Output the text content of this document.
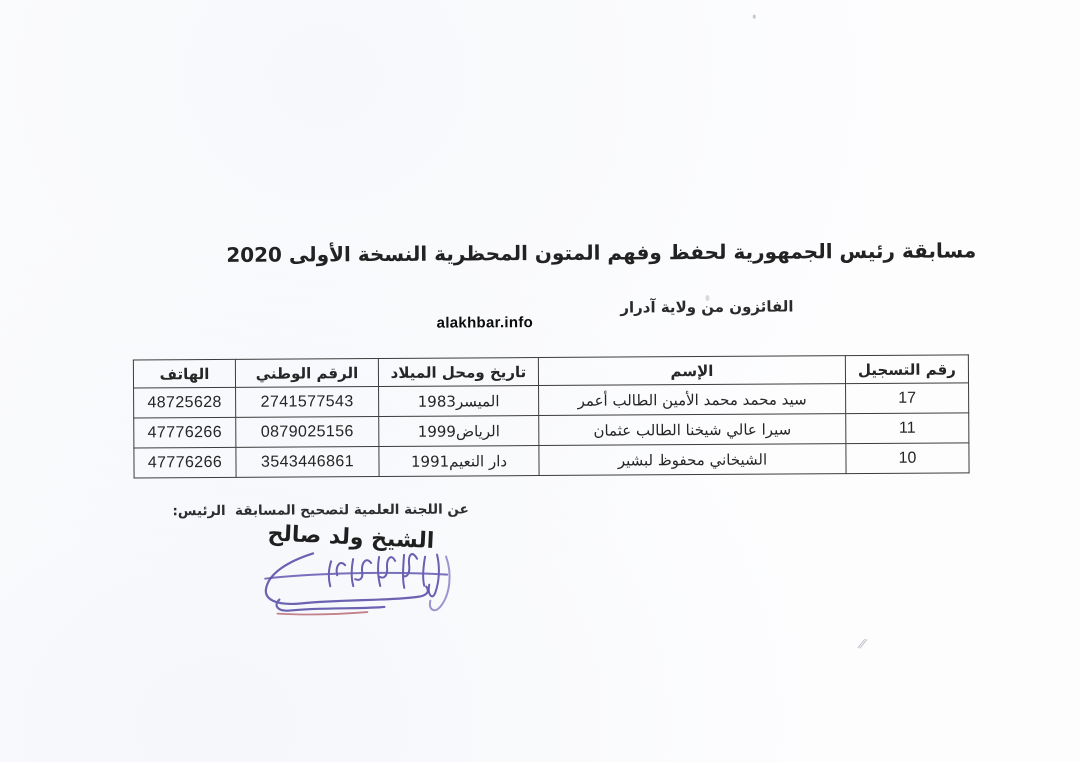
مسابقة رئيس الجمهورية لحفظ وفهم المتون المحظرية النسخة الأولى 2020
الفائزون من ولاية آدرار
alakhbar.info
رقم التسجيل	الإسم	تاريخ ومحل الميلاد	الرقم الوطني	الهاتف
17	سيد محمد محمد الأمين الطالب أعمر	1983الميسر	2741577543	48725628
11	سيرا عالي شيخنا الطالب عثمان	1999الرياض	0879025156	47776266
10	الشيخاني محفوظ لبشير	1991دار النعيم	3543446861	47776266
عن اللجنة العلمية لتصحيح المسابقة  الرئيس:
الشيخ ولد صالح
⁄⁄
